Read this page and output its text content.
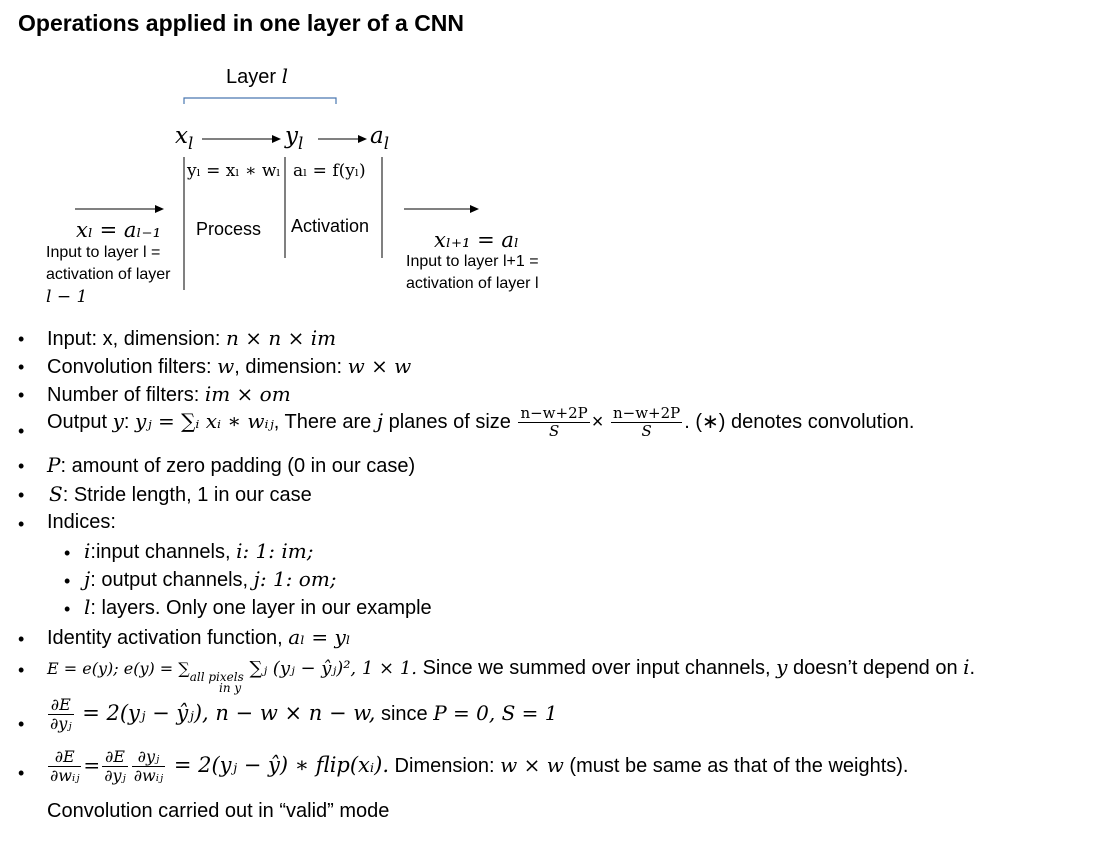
Operations applied in one layer of a CNN
Layer l
$x_l$	$y_l$	$a_l$
yₗ = xₗ ∗ wₗ aₗ = f(yₗ)
Process Activation
xₗ = aₗ₋₁
Input to layer l =
activation of layer
l − 1
xₗ₊₁ = aₗ
Input to layer l+1 =
activation of layer l
• Input: x, dimension: n × n × im
• Convolution filters: w, dimension: w × w
• Number of filters: im × om
• Output y: yⱼ = ∑ᵢ xᵢ ∗ wᵢⱼ, There are j planes of size $\frac{n-w+2P}{S} \times \frac{n-w+2P}{S}$ . (∗) denotes convolution.
• P: amount of zero padding (0 in our case)
• S: Stride length, 1 in our case
• Indices:
• i:input channels, i: 1: im;
• j: output channels, j: 1: om;
• l: layers. Only one layer in our example
• Identity activation function, aₗ = yₗ
• E = e(y); $e(y) = \sum_{all pixels}$ ∑ⱼ (yⱼ − ŷⱼ)², 1 × 1. Since we summed over input channels, y doesn’t depend on i.
in y
• $\frac{\partial E}{\text{∂yⱼ}}$ = 2(yⱼ − ŷⱼ), n − w × n − w, since P = 0, S = 1
• $\frac{\partial E}{\text{∂wᵢⱼ}} = \frac{\partial E}{\text{∂yⱼ}} \frac{\text{∂yⱼ}}{\text{∂wᵢⱼ}}$ = 2(yⱼ − ŷ) ∗ flip(xᵢ). Dimension: w × w (must be same as that of the weights).
Convolution carried out in “valid” mode
